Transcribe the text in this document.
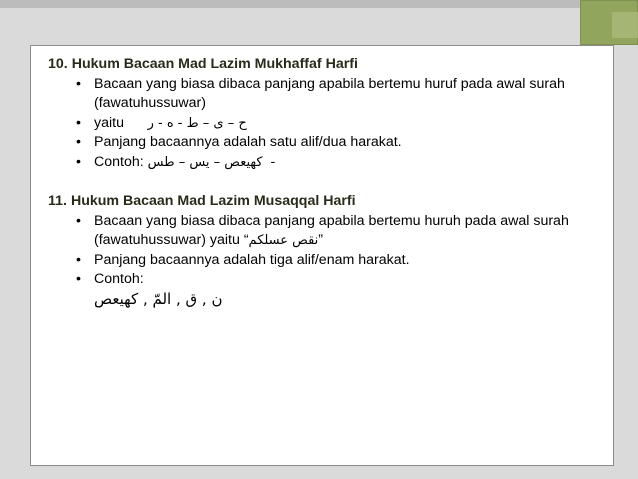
10. Hukum Bacaan Mad Lazim Mukhaffaf Harfi

• Bacaan yang biasa dibaca panjang apabila bertemu huruf pada awal surah (fawatuhussuwar)
• yaitu ح – ى – ط - ه - ر
• Panjang bacaannya adalah satu alif/dua harakat.
• Contoh: كهيعص – يس – طس -

11. Hukum Bacaan Mad Lazim Musaqqal Harfi

• Bacaan yang biasa dibaca panjang apabila bertemu huruh pada awal surah (fawatuhussuwar) yaitu “نقص عسلكم”
• Panjang bacaannya adalah tiga alif/enam harakat.
• Contoh:
ن , ق , المّ , كهيعص
